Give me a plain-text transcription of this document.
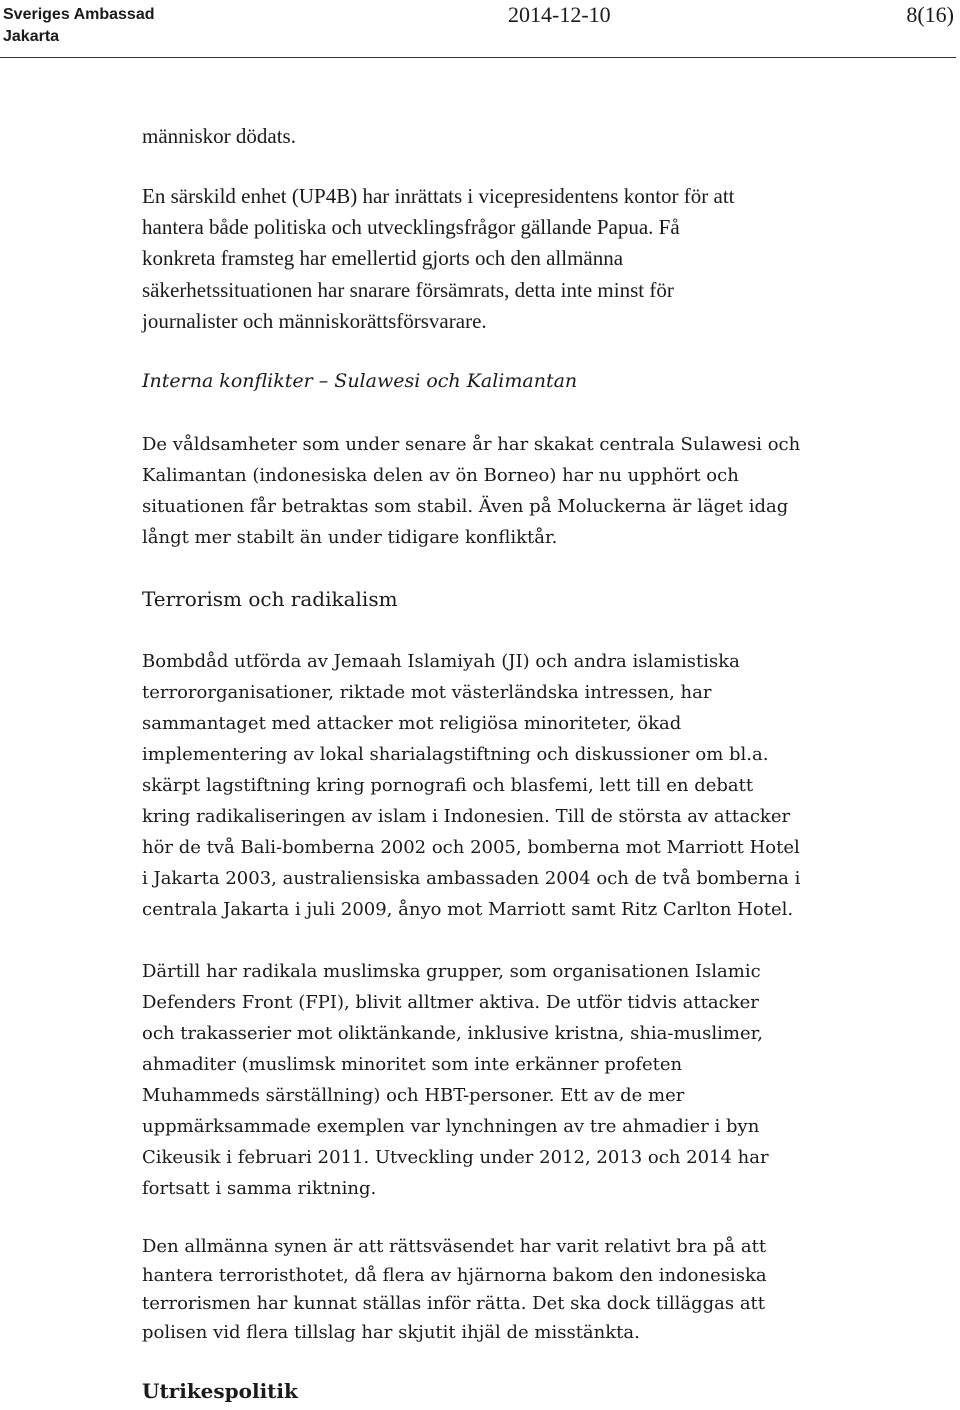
Sveriges Ambassad
Jakarta
2014-12-10	8(16)

människor dödats.

En särskild enhet (UP4B) har inrättats i vicepresidentens kontor för att
hantera både politiska och utvecklingsfrågor gällande Papua. Få
konkreta framsteg har emellertid gjorts och den allmänna
säkerhetssituationen har snarare försämrats, detta inte minst för
journalister och människorättsförsvarare.

Interna konflikter – Sulawesi och Kalimantan

De våldsamheter som under senare år har skakat centrala Sulawesi och
Kalimantan (indonesiska delen av ön Borneo) har nu upphört och
situationen får betraktas som stabil. Även på Moluckerna är läget idag
långt mer stabilt än under tidigare konfliktår.

Terrorism och radikalism

Bombdåd utförda av Jemaah Islamiyah (JI) och andra islamistiska
terrororganisationer, riktade mot västerländska intressen, har
sammantaget med attacker mot religiösa minoriteter, ökad
implementering av lokal sharialagstiftning och diskussioner om bl.a.
skärpt lagstiftning kring pornografi och blasfemi, lett till en debatt
kring radikaliseringen av islam i Indonesien. Till de största av attacker
hör de två Bali-bomberna 2002 och 2005, bomberna mot Marriott Hotel
i Jakarta 2003, australiensiska ambassaden 2004 och de två bomberna i
centrala Jakarta i juli 2009, ånyo mot Marriott samt Ritz Carlton Hotel.

Därtill har radikala muslimska grupper, som organisationen Islamic
Defenders Front (FPI), blivit alltmer aktiva. De utför tidvis attacker
och trakasserier mot oliktänkande, inklusive kristna, shia-muslimer,
ahmaditer (muslimsk minoritet som inte erkänner profeten
Muhammeds särställning) och HBT-personer. Ett av de mer
uppmärksammade exemplen var lynchningen av tre ahmadier i byn
Cikeusik i februari 2011. Utveckling under 2012, 2013 och 2014 har
fortsatt i samma riktning.

Den allmänna synen är att rättsväsendet har varit relativt bra på att
hantera terroristhotet, då flera av hjärnorna bakom den indonesiska
terrorismen har kunnat ställas inför rätta. Det ska dock tilläggas att
polisen vid flera tillslag har skjutit ihjäl de misstänkta.

Utrikespolitik
